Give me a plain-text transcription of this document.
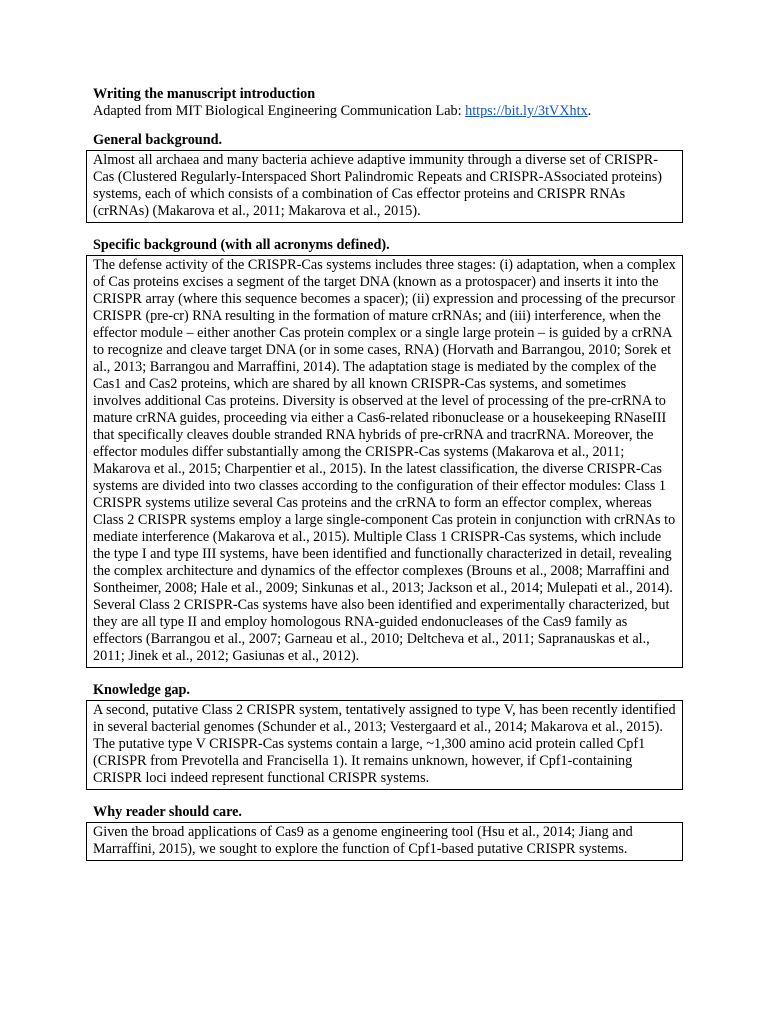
Writing the manuscript introduction

Adapted from MIT Biological Engineering Communication Lab: https://bit.ly/3tVXhtx.

General background.

Almost all archaea and many bacteria achieve adaptive immunity through a diverse set of CRISPR-Cas (Clustered Regularly-Interspaced Short Palindromic Repeats and CRISPR-ASsociated proteins) systems, each of which consists of a combination of Cas effector proteins and CRISPR RNAs (crRNAs) (Makarova et al., 2011; Makarova et al., 2015).

Specific background (with all acronyms defined).

The defense activity of the CRISPR-Cas systems includes three stages: (i) adaptation, when a complex of Cas proteins excises a segment of the target DNA (known as a protospacer) and inserts it into the CRISPR array (where this sequence becomes a spacer); (ii) expression and processing of the precursor CRISPR (pre-cr) RNA resulting in the formation of mature crRNAs; and (iii) interference, when the effector module – either another Cas protein complex or a single large protein – is guided by a crRNA to recognize and cleave target DNA (or in some cases, RNA) (Horvath and Barrangou, 2010; Sorek et al., 2013; Barrangou and Marraffini, 2014). The adaptation stage is mediated by the complex of the Cas1 and Cas2 proteins, which are shared by all known CRISPR-Cas systems, and sometimes involves additional Cas proteins. Diversity is observed at the level of processing of the pre-crRNA to mature crRNA guides, proceeding via either a Cas6-related ribonuclease or a housekeeping RNaseIII that specifically cleaves double stranded RNA hybrids of pre-crRNA and tracrRNA. Moreover, the effector modules differ substantially among the CRISPR-Cas systems (Makarova et al., 2011; Makarova et al., 2015; Charpentier et al., 2015). In the latest classification, the diverse CRISPR-Cas systems are divided into two classes according to the configuration of their effector modules: Class 1 CRISPR systems utilize several Cas proteins and the crRNA to form an effector complex, whereas Class 2 CRISPR systems employ a large single-component Cas protein in conjunction with crRNAs to mediate interference (Makarova et al., 2015). Multiple Class 1 CRISPR-Cas systems, which include the type I and type III systems, have been identified and functionally characterized in detail, revealing the complex architecture and dynamics of the effector complexes (Brouns et al., 2008; Marraffini and Sontheimer, 2008; Hale et al., 2009; Sinkunas et al., 2013; Jackson et al., 2014; Mulepati et al., 2014). Several Class 2 CRISPR-Cas systems have also been identified and experimentally characterized, but they are all type II and employ homologous RNA-guided endonucleases of the Cas9 family as effectors (Barrangou et al., 2007; Garneau et al., 2010; Deltcheva et al., 2011; Sapranauskas et al., 2011; Jinek et al., 2012; Gasiunas et al., 2012).

Knowledge gap.

A second, putative Class 2 CRISPR system, tentatively assigned to type V, has been recently identified in several bacterial genomes (Schunder et al., 2013; Vestergaard et al., 2014; Makarova et al., 2015). The putative type V CRISPR-Cas systems contain a large, ~1,300 amino acid protein called Cpf1 (CRISPR from Prevotella and Francisella 1). It remains unknown, however, if Cpf1-containing CRISPR loci indeed represent functional CRISPR systems.

Why reader should care.

Given the broad applications of Cas9 as a genome engineering tool (Hsu et al., 2014; Jiang and Marraffini, 2015), we sought to explore the function of Cpf1-based putative CRISPR systems.
